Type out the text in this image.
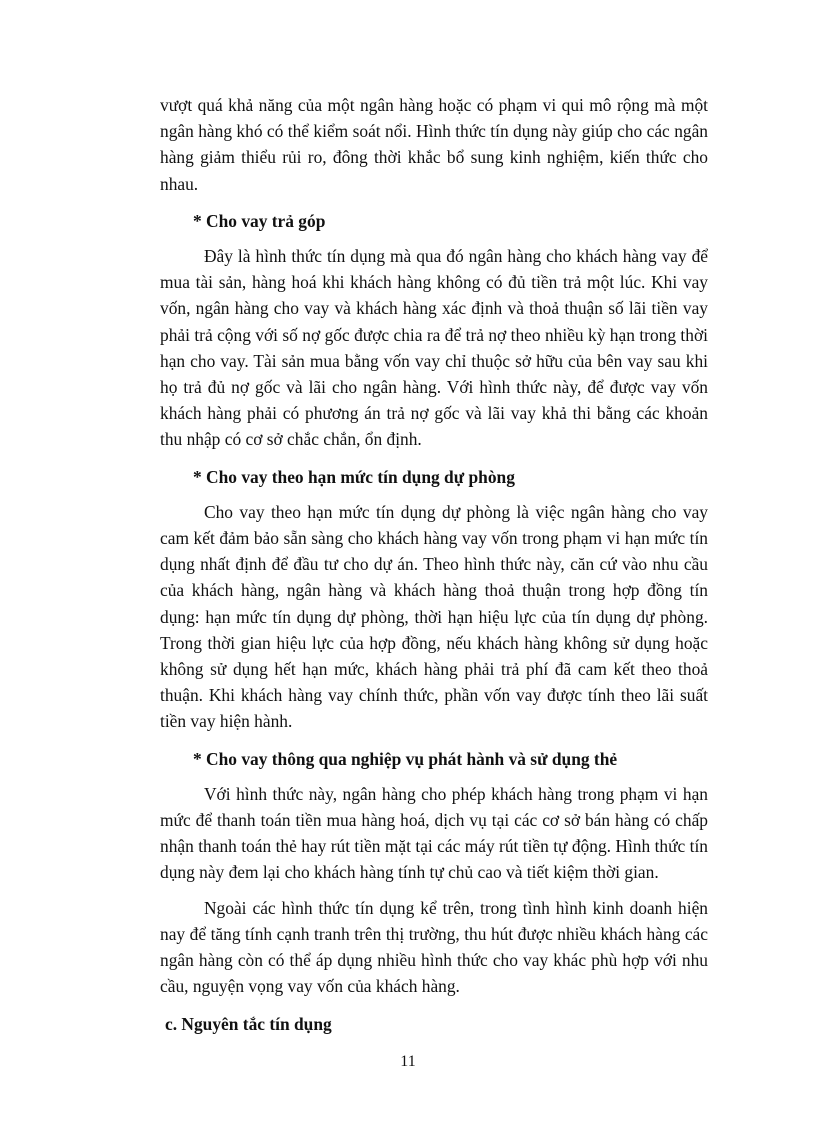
vượt quá khả năng của một ngân hàng hoặc có phạm vi qui mô rộng mà một ngân hàng khó có thể kiểm soát nổi. Hình thức tín dụng này giúp cho các ngân hàng giảm thiểu rủi ro, đông thời khắc bổ sung kinh nghiệm, kiến thức cho nhau.

* Cho vay trả góp

Đây là hình thức tín dụng mà qua đó ngân hàng cho khách hàng vay để mua tài sản, hàng hoá khi khách hàng không có đủ tiền trả một lúc. Khi vay vốn, ngân hàng cho vay và khách hàng xác định và thoả thuận số lãi tiền vay phải trả cộng với số nợ gốc được chia ra để trả nợ theo nhiều kỳ hạn trong thời hạn cho vay. Tài sản mua bằng vốn vay chỉ thuộc sở hữu của bên vay sau khi họ trả đủ nợ gốc và lãi cho ngân hàng. Với hình thức này, để được vay vốn khách hàng phải có phương án trả nợ gốc và lãi vay khả thi bằng các khoản thu nhập có cơ sở chắc chắn, ổn định.

* Cho vay theo hạn mức tín dụng dự phòng

Cho vay theo hạn mức tín dụng dự phòng là việc ngân hàng cho vay cam kết đảm bảo sẵn sàng cho khách hàng vay vốn trong phạm vi hạn mức tín dụng nhất định để đầu tư cho dự án. Theo hình thức này, căn cứ vào nhu cầu của khách hàng, ngân hàng và khách hàng thoả thuận trong hợp đồng tín dụng: hạn mức tín dụng dự phòng, thời hạn hiệu lực của tín dụng dự phòng. Trong thời gian hiệu lực của hợp đồng, nếu khách hàng không sử dụng hoặc không sử dụng hết hạn mức, khách hàng phải trả phí đã cam kết theo thoả thuận. Khi khách hàng vay chính thức, phần vốn vay được tính theo lãi suất tiền vay hiện hành.

* Cho vay thông qua nghiệp vụ phát hành và sử dụng thẻ

Với hình thức này, ngân hàng cho phép khách hàng trong phạm vi hạn mức để thanh toán tiền mua hàng hoá, dịch vụ tại các cơ sở bán hàng có chấp nhận thanh toán thẻ hay rút tiền mặt tại các máy rút tiền tự động. Hình thức tín dụng này đem lại cho khách hàng tính tự chủ cao và tiết kiệm thời gian.

Ngoài các hình thức tín dụng kể trên, trong tình hình kinh doanh hiện nay để tăng tính cạnh tranh trên thị trường, thu hút được nhiều khách hàng các ngân hàng còn có thể áp dụng nhiều hình thức cho vay khác phù hợp với nhu cầu, nguyện vọng vay vốn của khách hàng.

c. Nguyên tắc tín dụng

11
